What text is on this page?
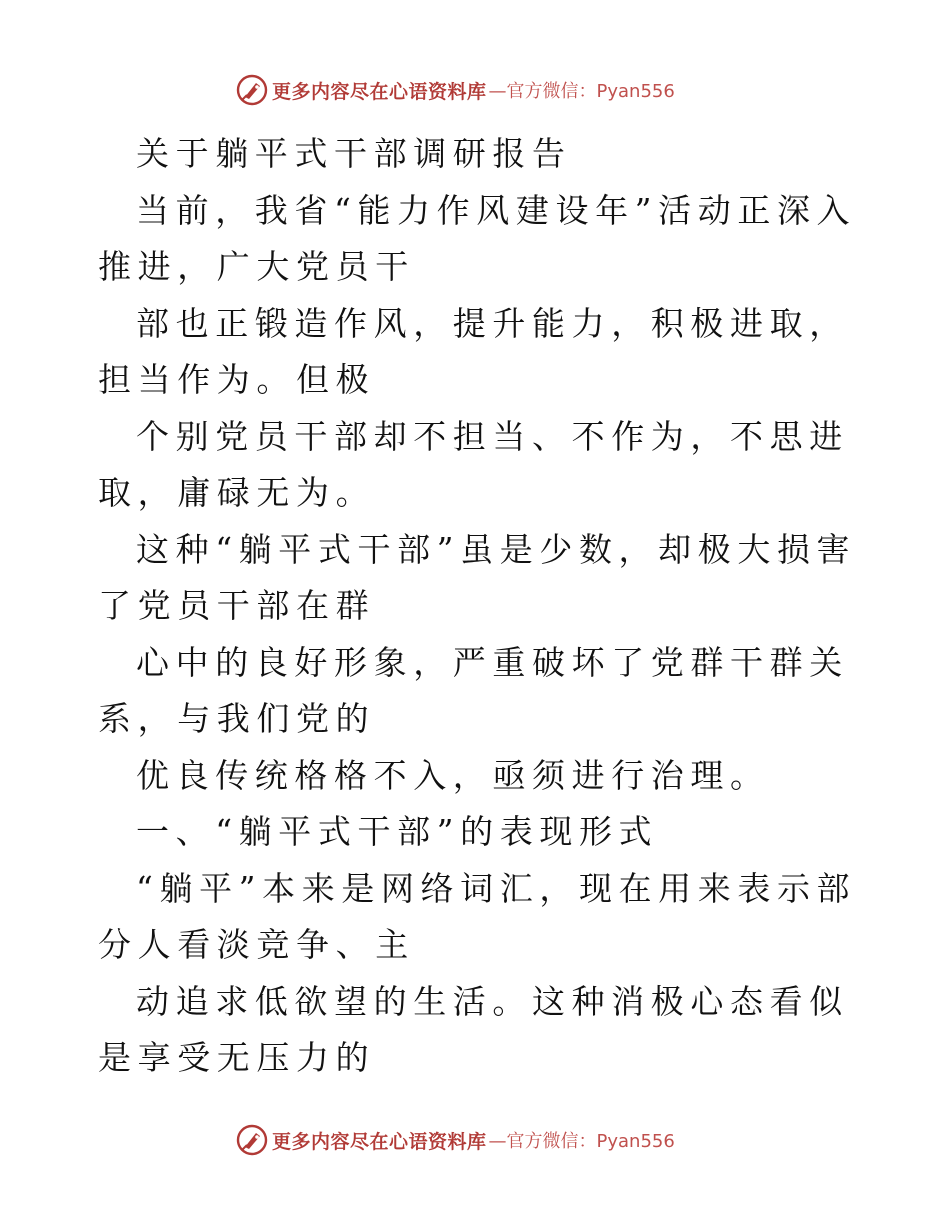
更多内容尽在心语资料库 —官方微信：Pyan556

关于躺平式干部调研报告

当前，我省“能力作风建设年”活动正深入推进，广大党员干

部也正锻造作风，提升能力，积极进取，担当作为。但极

个别党员干部却不担当、不作为，不思进取，庸碌无为。

这种“躺平式干部”虽是少数，却极大损害了党员干部在群

心中的良好形象，严重破坏了党群干群关系，与我们党的

优良传统格格不入，亟须进行治理。

一、“躺平式干部”的表现形式

“躺平”本来是网络词汇，现在用来表示部分人看淡竞争、主

动追求低欲望的生活。这种消极心态看似是享受无压力的

更多内容尽在心语资料库 —官方微信：Pyan556
